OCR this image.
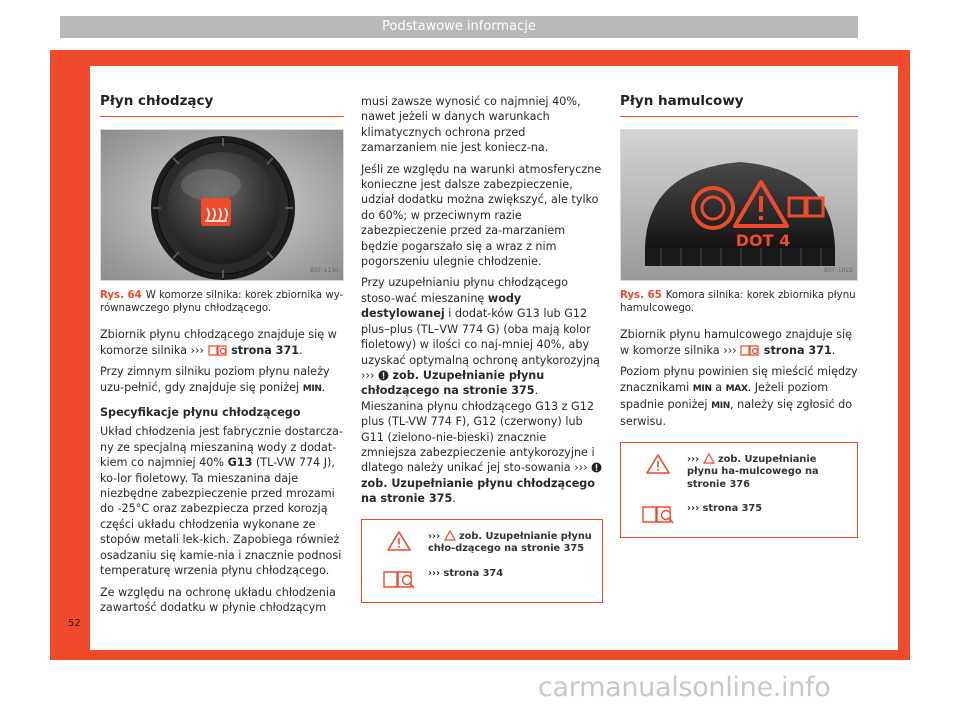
Podstawowe informacje
Płyn chłodzący
B5F-1130
Rys. 64 W komorze silnika: korek zbiornika wy- równawczego płynu chłodzącego.

Zbiornik płynu chłodzącego znajduje się w komorze silnika ››› strona 371.

Przy zimnym silniku poziom płynu należy uzu-pełnić, gdy znajduje się poniżej MIN.

Specyfikacje płynu chłodzącego

Układ chłodzenia jest fabrycznie dostarcza-ny ze specjalną mieszaniną wody z dodat-kiem co najmniej 40% G13 (TL-VW 774 J), ko-lor fioletowy. Ta mieszanina daje niezbędne zabezpieczenie przed mrozami do -25°C oraz zabezpiecza przed korozją części układu chłodzenia wykonane ze stopów metali lek-kich. Zapobiega również osadzaniu się kamie-nia i znacznie podnosi temperaturę wrzenia płynu chłodzącego.

Ze względu na ochronę układu chłodzenia zawartość dodatku w płynie chłodzącym

musi zawsze wynosić co najmniej 40%, nawet jeżeli w danych warunkach klimatycznych ochrona przed zamarzaniem nie jest koniecz-na.

Jeśli ze względu na warunki atmosferyczne konieczne jest dalsze zabezpieczenie, udział dodatku można zwiększyć, ale tylko do 60%; w przeciwnym razie zabezpieczenie przed za-marzaniem będzie pogarszało się a wraz z nim pogorszeniu ulegnie chłodzenie.

Przy uzupełnianiu płynu chłodzącego stoso-wać mieszaninę wody destylowanej i dodat-ków G13 lub G12 plus–plus (TL–VW 774 G) (oba mają kolor fioletowy) w ilości co naj-mniej 40%, aby uzyskać optymalną ochronę antykorozyjną ››› zob. Uzupełnianie płynu chłodzącego na stronie 375. Mieszanina płynu chłodzącego G13 z G12 plus (TL-VW 774 F), G12 (czerwony) lub G11 (zielono-nie-bieski) znacznie zmniejsza zabezpieczenie antykorozyjne i dlatego należy unikać jej sto-sowania ›››  zob. Uzupełnianie płynu chłodzącego na stronie 375.

››› zob. Uzupełnianie płynu chło-dzącego na stronie 375
››› strona 374
Płyn hamulcowy
DOT 4
B5F-1022
Rys. 65 Komora silnika: korek zbiornika płynu hamulcowego.

Zbiornik płynu hamulcowego znajduje się w komorze silnika ››› strona 371.

Poziom płynu powinien się mieścić między znacznikami MIN a MAX. Jeżeli poziom spadnie poniżej MIN, należy się zgłosić do serwisu.

››› zob. Uzupełnianie płynu ha-mulcowego na stronie 376
››› strona 375
52
carmanualsonline.info
